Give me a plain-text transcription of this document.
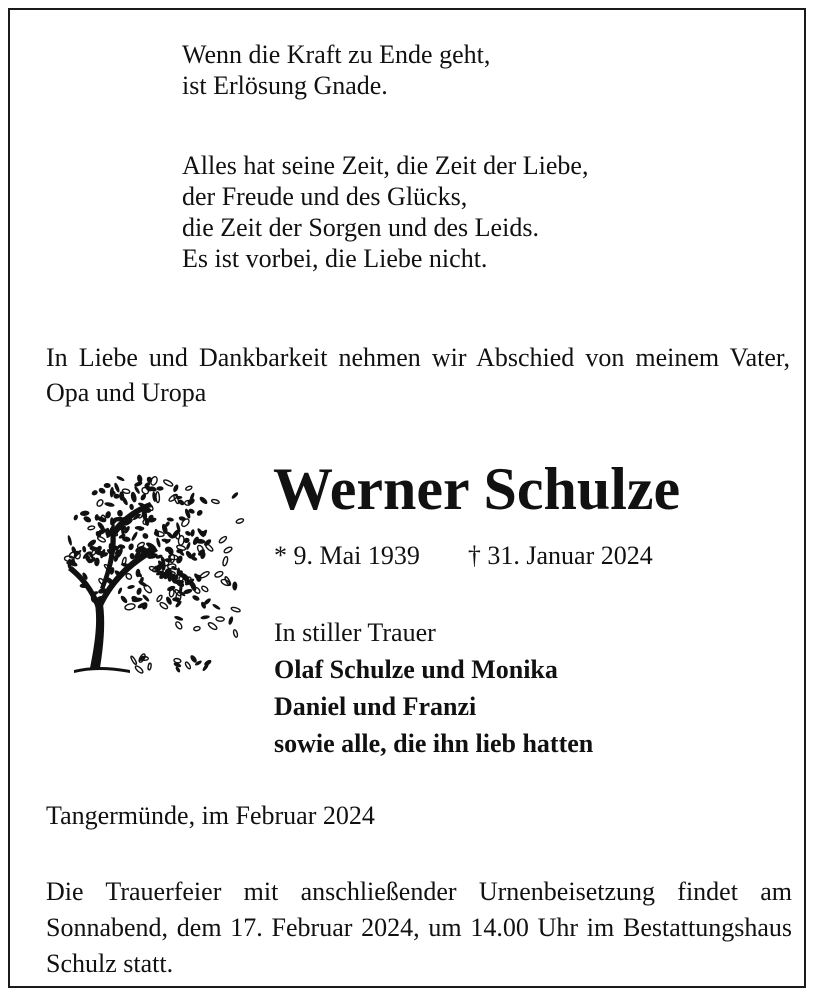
Wenn die Kraft zu Ende geht,
ist Erlösung Gnade.
Alles hat seine Zeit, die Zeit der Liebe,
der Freude und des Glücks,
die Zeit der Sorgen und des Leids.
Es ist vorbei, die Liebe nicht.
In Liebe und Dankbarkeit nehmen wir Abschied von meinem Vater, Opa und Uropa
Werner Schulze
* 9. Mai 1939 † 31. Januar 2024
In stiller Trauer
Olaf Schulze und Monika
Daniel und Franzi
sowie alle, die ihn lieb hatten
Tangermünde, im Februar 2024
Die Trauerfeier mit anschließender Urnenbeisetzung findet am Sonnabend, dem 17. Februar 2024, um 14.00 Uhr im Bestattungshaus Schulz statt.
